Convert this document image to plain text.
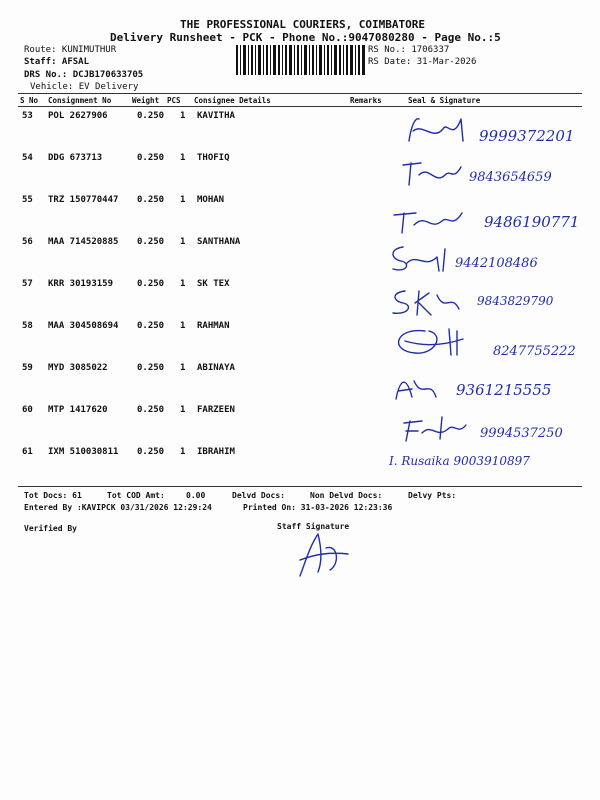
THE PROFESSIONAL COURIERS, COIMBATORE
Delivery Runsheet - PCK - Phone No.:9047080280 - Page No.:5
Route: KUNIMUTHUR
Staff: AFSAL
DRS No.: DCJB170633705
Vehicle: EV Delivery
RS No.: 1706337
RS Date: 31-Mar-2026
S No Consignment No	Weight PCS Consignee Details	Remarks	Seal & Signature
53 POL 2627906	0.250 1 KAVITHA
9999372201
54 DDG 673713	0.250 1 THOFIQ
9843654659
55 TRZ 150770447 0.250 1 MOHAN
9486190771
56 MAA 714520885 0.250 1 SANTHANA
9442108486
57 KRR 30193159	0.250 1 SK TEX
9843829790
58 MAA 304508694 0.250 1 RAHMAN
8247755222
59 MYD 3085022	0.250 1 ABINAYA
9361215555
60 MTP 1417620	0.250 1 FARZEEN
9994537250
61 IXM 510030811 0.250 1 IBRAHIM
I. Rusaika 9003910897
Tot Docs: 61	Tot COD Amt:	0.00	Delvd Docs:	Non Delvd Docs:	Delvy Pts:
Entered By :KAVIPCK 03/31/2026 12:29:24	Printed On: 31-03-2026 12:23:36
Verified By	Staff Signature
